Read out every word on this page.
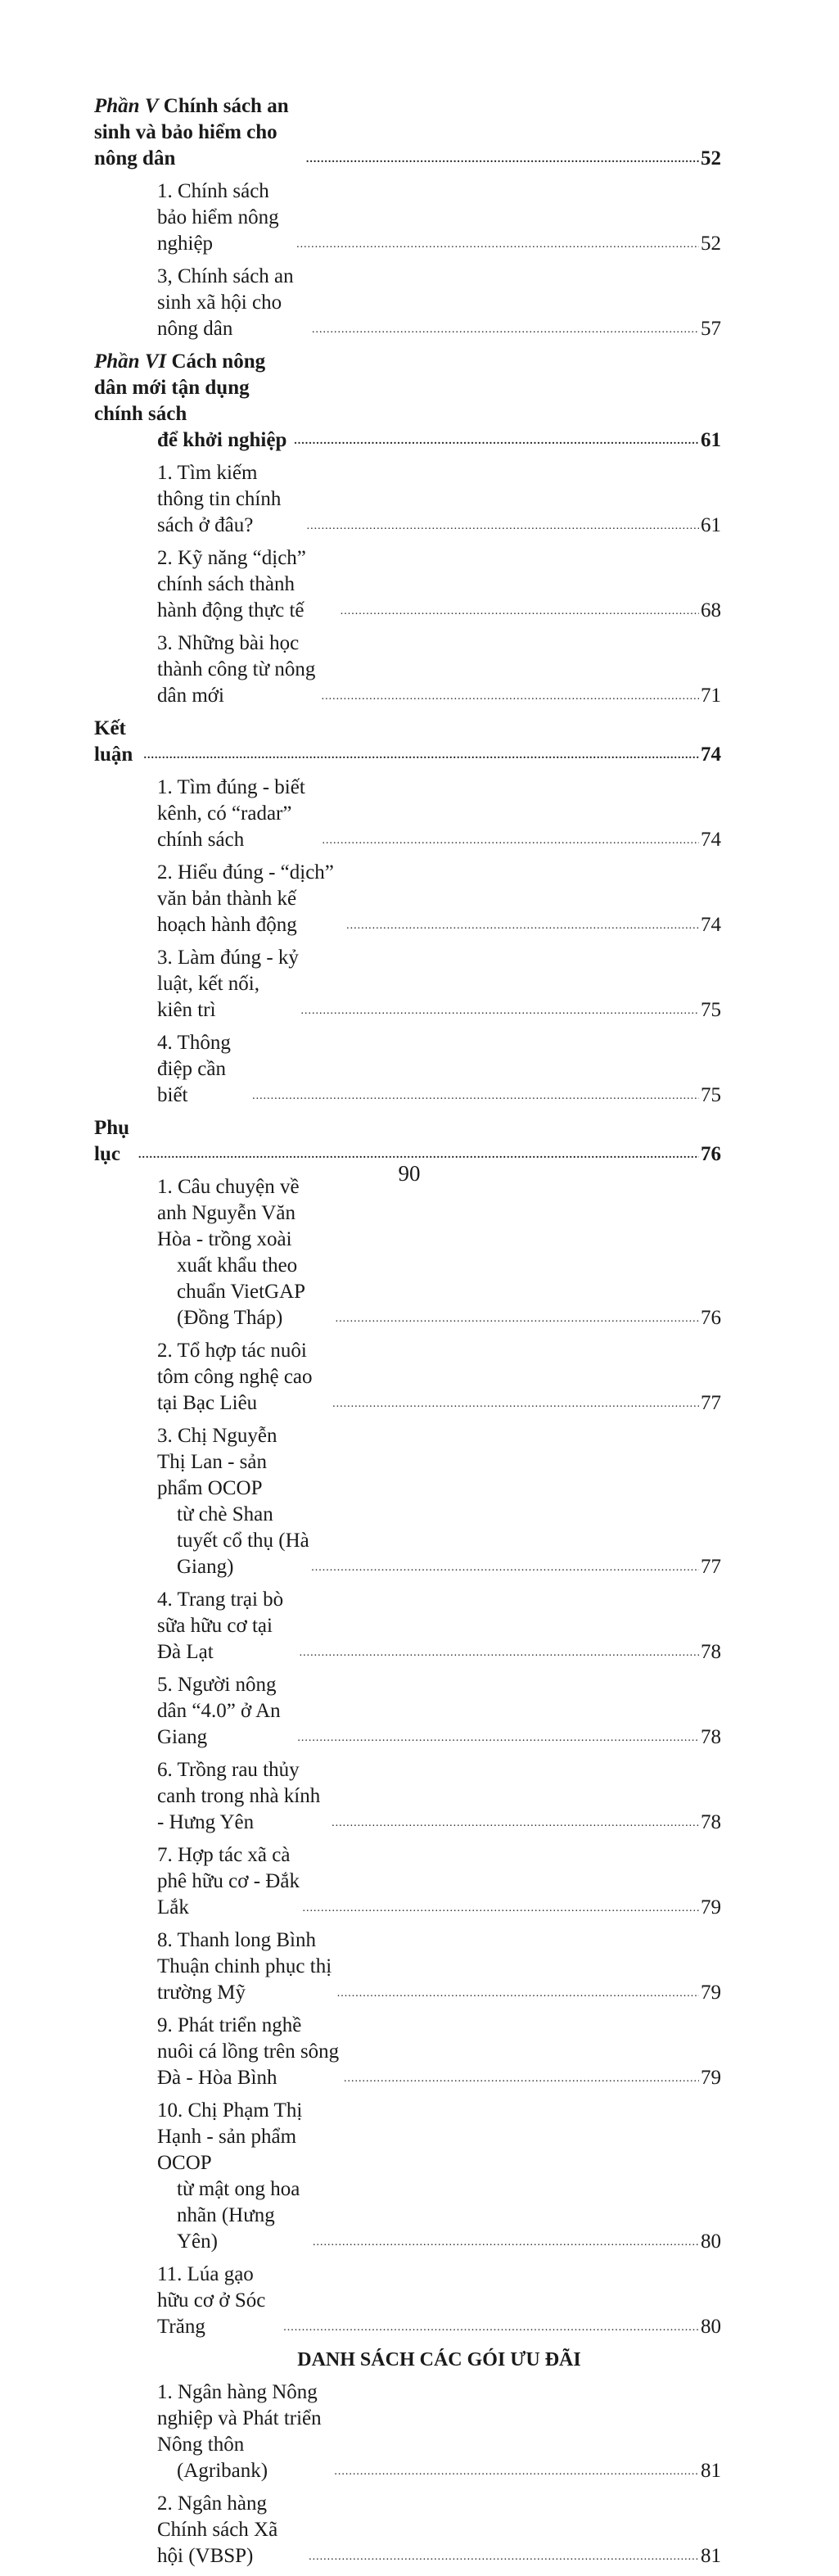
Phần V Chính sách an sinh và bảo hiểm cho nông dân .....	52
1. Chính sách bảo hiểm nông nghiệp .....	52
3, Chính sách an sinh xã hội cho nông dân .....	57
Phần VI Cách nông dân mới tận dụng chính sách
để khởi nghiệp .....	61
1. Tìm kiếm thông tin chính sách ở đâu? .....	61
2. Kỹ năng “dịch” chính sách thành hành động thực tế .....	68
3. Những bài học thành công từ nông dân mới .....	71
Kết luận .....	74
1. Tìm đúng - biết kênh, có “radar” chính sách .....	74
2. Hiểu đúng - “dịch” văn bản thành kế hoạch hành động .....	74
3. Làm đúng - kỷ luật, kết nối, kiên trì .....	75
4. Thông điệp cần biết .....	75
Phụ lục .....	76
1. Câu chuyện về anh Nguyễn Văn Hòa - trồng xoài
xuất khẩu theo chuẩn VietGAP (Đồng Tháp) .....	76
2. Tổ hợp tác nuôi tôm công nghệ cao tại Bạc Liêu .....	77
3. Chị Nguyễn Thị Lan - sản phẩm OCOP
từ chè Shan tuyết cổ thụ (Hà Giang) .....	77
4. Trang trại bò sữa hữu cơ tại Đà Lạt .....	78
5. Người nông dân “4.0” ở An Giang .....	78
6. Trồng rau thủy canh trong nhà kính - Hưng Yên .....	78
7. Hợp tác xã cà phê hữu cơ - Đắk Lắk .....	79
8. Thanh long Bình Thuận chinh phục thị trường Mỹ .....	79
9. Phát triển nghề nuôi cá lồng trên sông Đà - Hòa Bình .....	79
10. Chị Phạm Thị Hạnh - sản phẩm OCOP
từ mật ong hoa nhãn (Hưng Yên) .....	80
11. Lúa gạo hữu cơ ở Sóc Trăng .....	80
DANH SÁCH CÁC GÓI ƯU ĐÃI
1. Ngân hàng Nông nghiệp và Phát triển Nông thôn
(Agribank) .....	81
2. Ngân hàng Chính sách Xã hội (VBSP) .....	81
90
